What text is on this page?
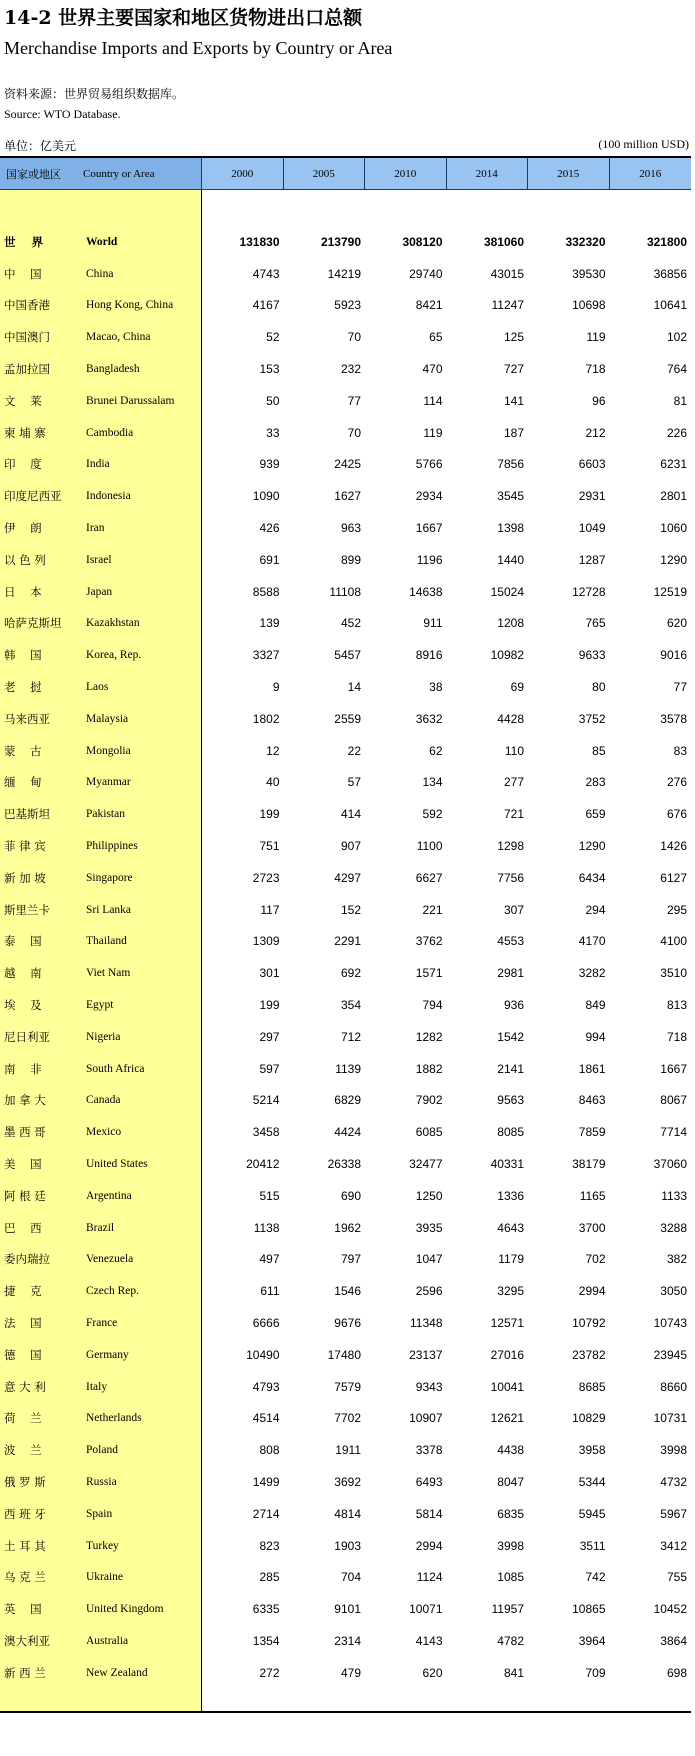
14-2 世界主要国家和地区货物进出口总额
Merchandise Imports and Exports by Country or Area
资料来源：世界贸易组织数据库。
Source: WTO Database.
单位：亿美元	(100 million USD)
国家或地区 Country or Area	2000	2005	2010	2014	2015	2016
世    界	World	131830	213790	308120	381060	332320	321800
中    国	China	4743	14219	29740	43015	39530	36856
中国香港	Hong Kong, China	4167	5923	8421	11247	10698	10641
中国澳门	Macao, China	52	70	65	125	119	102
孟加拉国	Bangladesh	153	232	470	727	718	764
文    莱	Brunei Darussalam	50	77	114	141	96	81
柬 埔 寨	Cambodia	33	70	119	187	212	226
印    度	India	939	2425	5766	7856	6603	6231
印度尼西亚	Indonesia	1090	1627	2934	3545	2931	2801
伊    朗	Iran	426	963	1667	1398	1049	1060
以 色 列	Israel	691	899	1196	1440	1287	1290
日    本	Japan	8588	11108	14638	15024	12728	12519
哈萨克斯坦	Kazakhstan	139	452	911	1208	765	620
韩    国	Korea, Rep.	3327	5457	8916	10982	9633	9016
老    挝	Laos	9	14	38	69	80	77
马来西亚	Malaysia	1802	2559	3632	4428	3752	3578
蒙    古	Mongolia	12	22	62	110	85	83
缅    甸	Myanmar	40	57	134	277	283	276
巴基斯坦	Pakistan	199	414	592	721	659	676
菲 律 宾	Philippines	751	907	1100	1298	1290	1426
新 加 坡	Singapore	2723	4297	6627	7756	6434	6127
斯里兰卡	Sri Lanka	117	152	221	307	294	295
泰    国	Thailand	1309	2291	3762	4553	4170	4100
越    南	Viet Nam	301	692	1571	2981	3282	3510
埃    及	Egypt	199	354	794	936	849	813
尼日利亚	Nigeria	297	712	1282	1542	994	718
南    非	South Africa	597	1139	1882	2141	1861	1667
加 拿 大	Canada	5214	6829	7902	9563	8463	8067
墨 西 哥	Mexico	3458	4424	6085	8085	7859	7714
美    国	United States	20412	26338	32477	40331	38179	37060
阿 根 廷	Argentina	515	690	1250	1336	1165	1133
巴    西	Brazil	1138	1962	3935	4643	3700	3288
委内瑞拉	Venezuela	497	797	1047	1179	702	382
捷    克	Czech Rep.	611	1546	2596	3295	2994	3050
法    国	France	6666	9676	11348	12571	10792	10743
德    国	Germany	10490	17480	23137	27016	23782	23945
意 大 利	Italy	4793	7579	9343	10041	8685	8660
荷    兰	Netherlands	4514	7702	10907	12621	10829	10731
波    兰	Poland	808	1911	3378	4438	3958	3998
俄 罗 斯	Russia	1499	3692	6493	8047	5344	4732
西 班 牙	Spain	2714	4814	5814	6835	5945	5967
土 耳 其	Turkey	823	1903	2994	3998	3511	3412
乌 克 兰	Ukraine	285	704	1124	1085	742	755
英    国	United Kingdom	6335	9101	10071	11957	10865	10452
澳大利亚	Australia	1354	2314	4143	4782	3964	3864
新 西 兰	New Zealand	272	479	620	841	709	698
